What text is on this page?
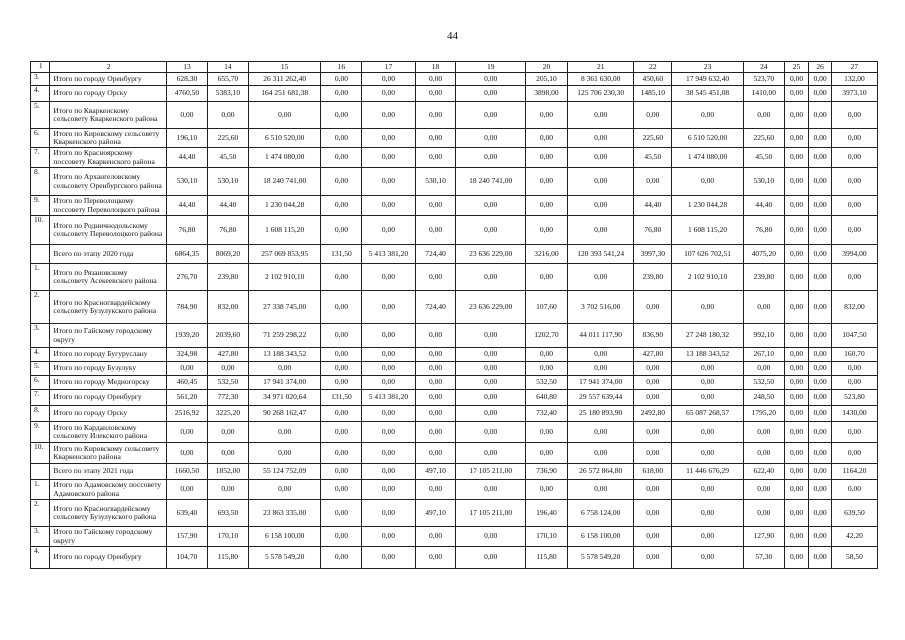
44
1	2	13	14	15	16	17	18	19	20	21	22	23	24	25	26	27
3.	Итого по городу Оренбургу	628,30	655,70	26 311 262,40	0,00	0,00	0,00	0,00	205,10	8 361 630,00	450,60	17 949 632,40	523,70	0,00	0,00	132,00
4.	Итого по городу Орску	4760,50	5383,10	164 251 681,38	0,00	0,00	0,00	0,00	3898,00	125 706 230,30	1485,10	38 545 451,08	1410,00	0,00	0,00	3973,10
5.	Итого по Кваркенскому сельсовету Кваркенского района	0,00	0,00	0,00	0,00	0,00	0,00	0,00	0,00	0,00	0,00	0,00	0,00	0,00	0,00	0,00
6.	Итого по Кировскому сельсовету Кваркенского района	196,10	225,60	6 510 520,00	0,00	0,00	0,00	0,00	0,00	0,00	225,60	6 510 520,00	225,60	0,00	0,00	0,00
7.	Итого по Красноярскому поссовету Кваркенского района	44,40	45,50	1 474 080,00	0,00	0,00	0,00	0,00	0,00	0,00	45,50	1 474 080,00	45,50	0,00	0,00	0,00
8.	Итого по Архангеловскому сельсовету Оренбургского района	530,10	530,10	18 240 741,00	0,00	0,00	530,10	18 240 741,00	0,00	0,00	0,00	0,00	530,10	0,00	0,00	0,00
9.	Итого по Переволоцкому поссовету Переволоцкого района	44,40	44,40	1 230 044,28	0,00	0,00	0,00	0,00	0,00	0,00	44,40	1 230 044,28	44,40	0,00	0,00	0,00
10.	Итого по Родничнодольскому сельсовету Переволоцкого района	76,80	76,80	1 608 115,20	0,00	0,00	0,00	0,00	0,00	0,00	76,80	1 608 115,20	76,80	0,00	0,00	0,00
	Всего по этапу 2020 года	6864,35	8069,20	257 069 853,95	131,50	5 413 381,20	724,40	23 636 229,00	3216,00	120 393 541,24	3997,30	107 626 702,51	4075,20	0,00	0,00	3994,00
1.	Итого по Рязановскому сельсовету Асекеевского района	276,70	239,80	2 102 910,10	0,00	0,00	0,00	0,00	0,00	0,00	239,80	2 102 910,10	239,80	0,00	0,00	0,00
2.	Итого по Красногвардейскому сельсовету Бузулукского района	784,90	832,00	27 338 745,00	0,00	0,00	724,40	23 636 229,00	107,60	3 702 516,00	0,00	0,00	0,00	0,00	0,00	832,00
3.	Итого по Гайскому городскому округу	1939,20	2039,60	71 259 298,22	0,00	0,00	0,00	0,00	1202,70	44 011 117,90	836,90	27 248 180,32	992,10	0,00	0,00	1047,50
4.	Итого по городу Бугуруслану	324,98	427,80	13 188 343,52	0,00	0,00	0,00	0,00	0,00	0,00	427,80	13 188 343,52	267,10	0,00	0,00	160,70
5.	Итого по городу Бузулуку	0,00	0,00	0,00	0,00	0,00	0,00	0,00	0,00	0,00	0,00	0,00	0,00	0,00	0,00	0,00
6.	Итого по городу Медногорску	460,45	532,50	17 941 374,00	0,00	0,00	0,00	0,00	532,50	17 941 374,00	0,00	0,00	532,50	0,00	0,00	0,00
7.	Итого по городу Оренбургу	561,20	772,30	34 971 020,64	131,50	5 413 381,20	0,00	0,00	640,80	29 557 639,44	0,00	0,00	248,50	0,00	0,00	523,80
8.	Итого по городу Орску	2516,92	3225,20	90 268 162,47	0,00	0,00	0,00	0,00	732,40	25 180 893,90	2492,80	65 087 268,57	1795,20	0,00	0,00	1430,00
9.	Итого по Кардаиловскому сельсовету Илекского района	0,00	0,00	0,00	0,00	0,00	0,00	0,00	0,00	0,00	0,00	0,00	0,00	0,00	0,00	0,00
10.	Итого по Кировскому сельсовету Кваркенского района	0,00	0,00	0,00	0,00	0,00	0,00	0,00	0,00	0,00	0,00	0,00	0,00	0,00	0,00	0,00
	Всего по этапу 2021 года	1660,50	1852,00	55 124 752,09	0,00	0,00	497,10	17 105 211,00	736,90	26 572 864,80	618,00	11 446 676,29	622,40	0,00	0,00	1164,20
1.	Итого по Адамовскому поссовету Адамовского района	0,00	0,00	0,00	0,00	0,00	0,00	0,00	0,00	0,00	0,00	0,00	0,00	0,00	0,00	0,00
2.	Итого по Красногвардейскому сельсовету Бузулукского района	639,40	693,50	23 863 335,00	0,00	0,00	497,10	17 105 211,00	196,40	6 758 124,00	0,00	0,00	0,00	0,00	0,00	639,50
3.	Итого по Гайскому городскому округу	157,90	170,10	6 158 100,00	0,00	0,00	0,00	0,00	170,10	6 158 100,00	0,00	0,00	127,90	0,00	0,00	42,20
4.	Итого по городу Оренбургу	104,70	115,80	5 578 549,20	0,00	0,00	0,00	0,00	115,80	5 578 549,20	0,00	0,00	57,30	0,00	0,00	58,50
